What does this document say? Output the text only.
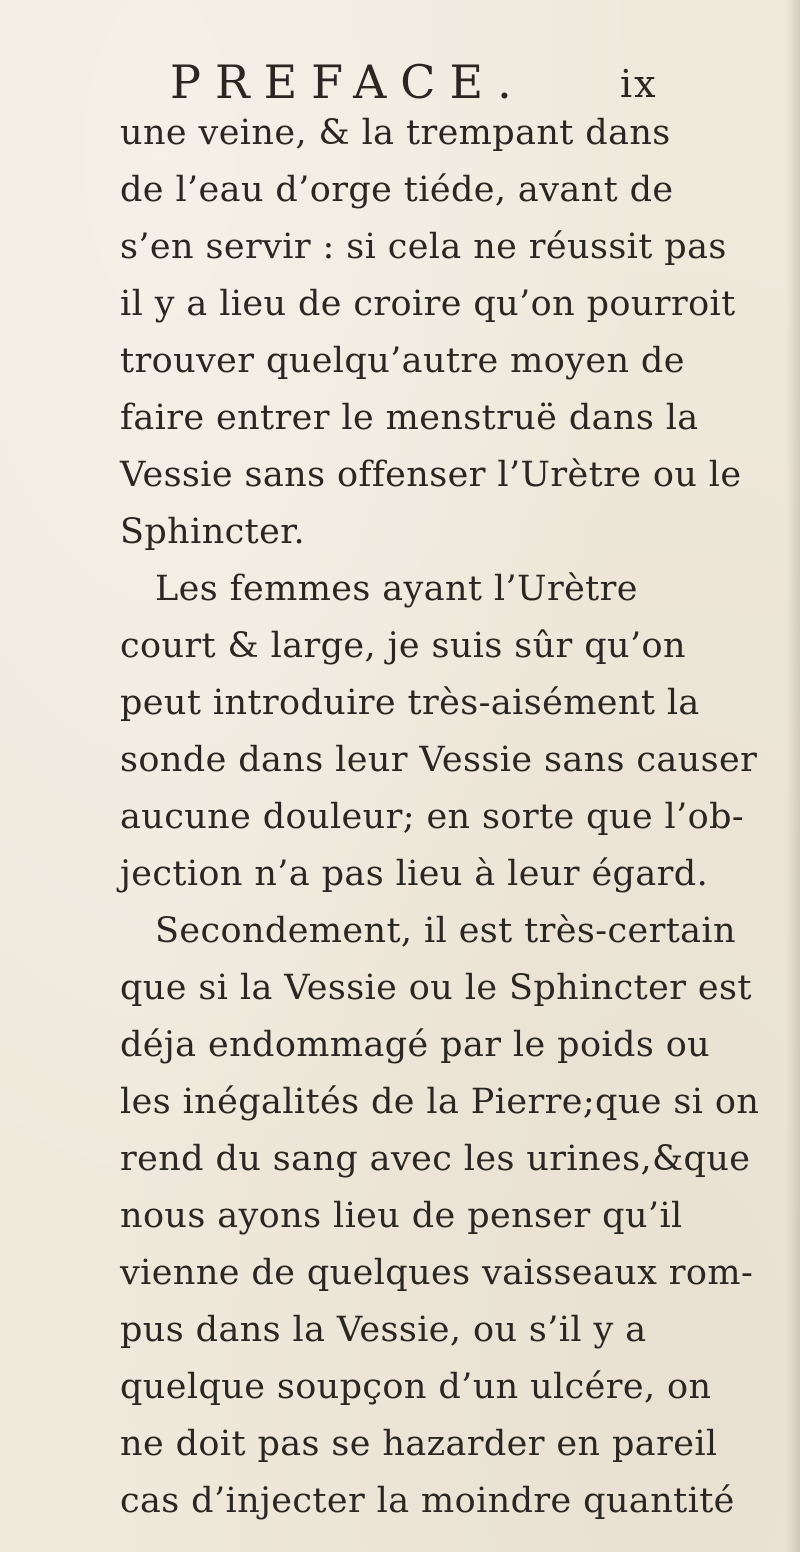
PREFACE. ix
une veine, & la trempant dans
de l’eau d’orge tiéde, avant de
s’en servir : si cela ne réussit pas
il y a lieu de croire qu’on pourroit
trouver quelqu’autre moyen de
faire entrer le menstruë dans la
Vessie sans offenser l’Urètre ou le
Sphincter.
Les femmes ayant l’Urètre
court & large, je suis sûr qu’on
peut introduire très-aisément la
sonde dans leur Vessie sans causer
aucune douleur; en sorte que l’ob-
jection n’a pas lieu à leur égard.
Secondement, il est très-certain
que si la Vessie ou le Sphincter est
déja endommagé par le poids ou
les inégalités de la Pierre;que si on
rend du sang avec les urines,&que
nous ayons lieu de penser qu’il
vienne de quelques vaisseaux rom-
pus dans la Vessie, ou s’il y a
quelque soupçon d’un ulcére, on
ne doit pas se hazarder en pareil
cas d’injecter la moindre quantité
